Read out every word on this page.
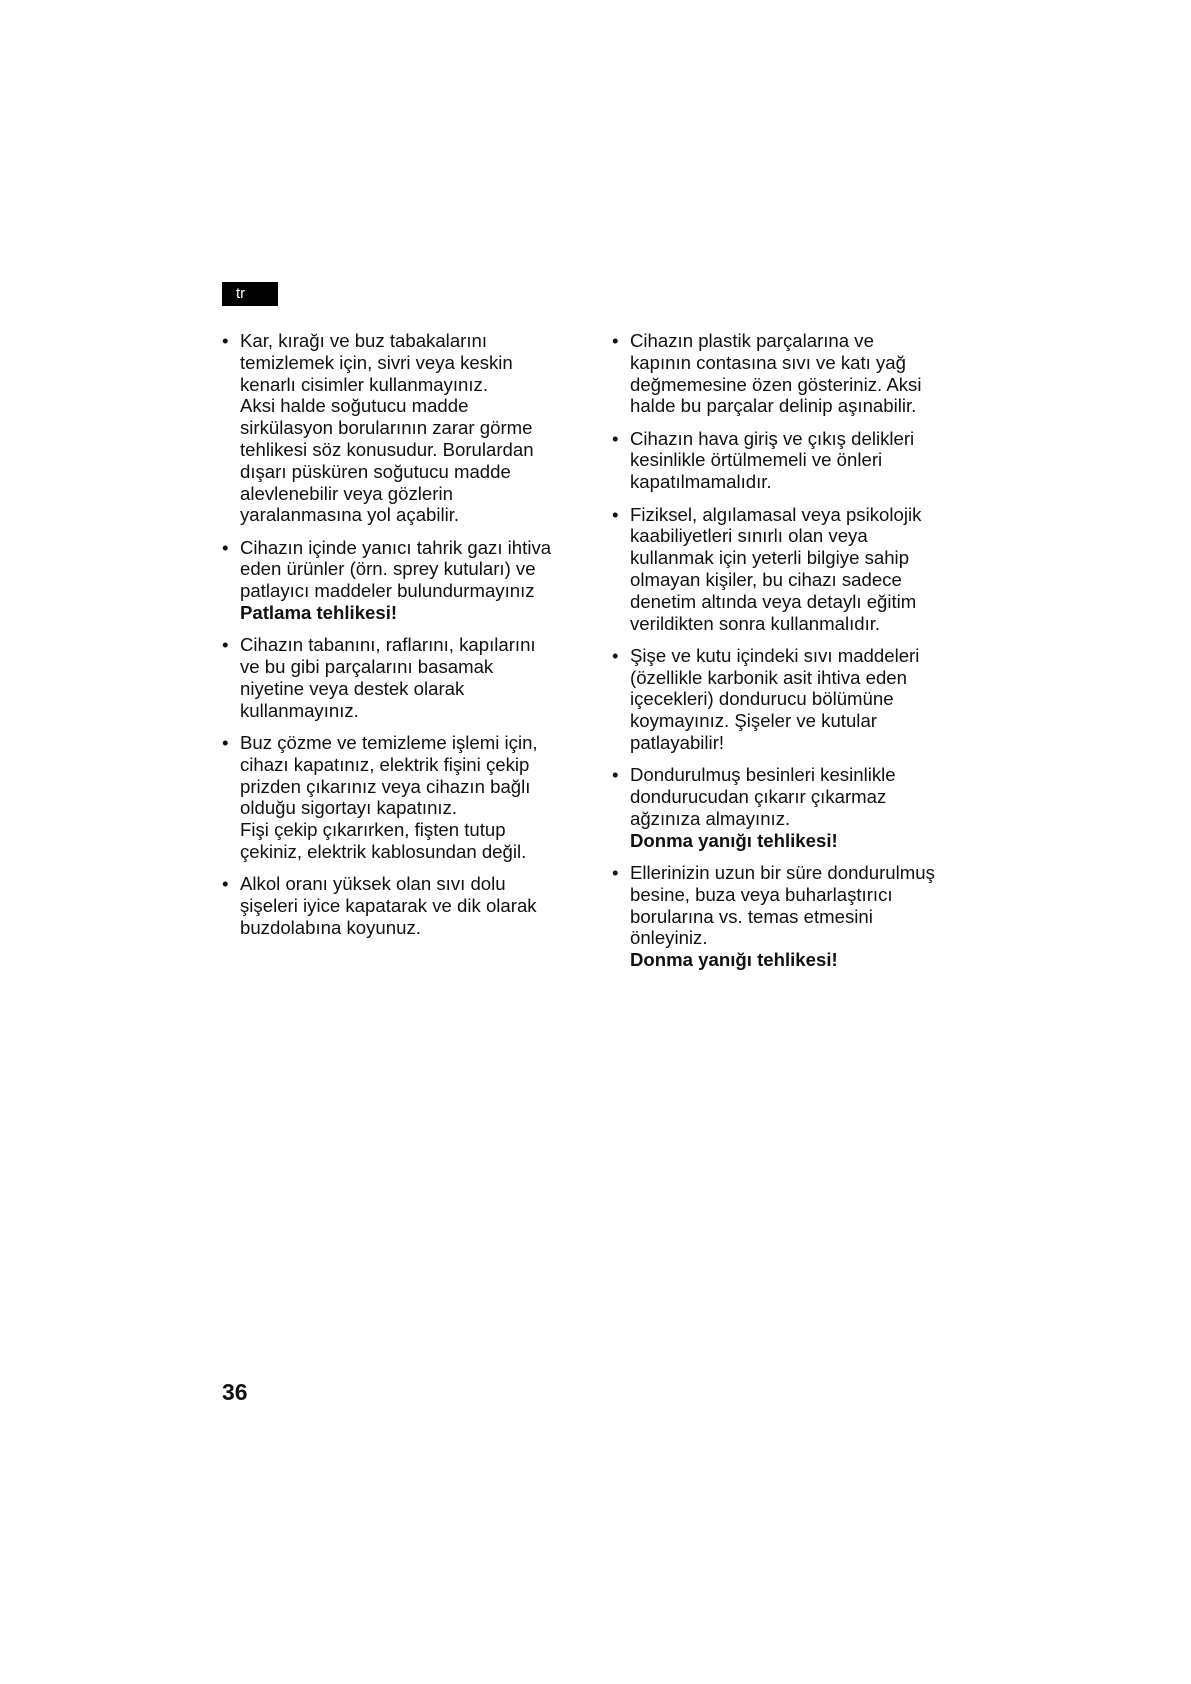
tr
• Kar, kırağı ve buz tabakalarını
temizlemek için, sivri veya keskin
kenarlı cisimler kullanmayınız.
Aksi halde soğutucu madde
sirkülasyon borularının zarar görme
tehlikesi söz konusudur. Borulardan
dışarı püsküren soğutucu madde
alevlenebilir veya gözlerin
yaralanmasına yol açabilir.
• Cihazın içinde yanıcı tahrik gazı ihtiva
eden ürünler (örn. sprey kutuları) ve
patlayıcı maddeler bulundurmayınız
Patlama tehlikesi!
• Cihazın tabanını, raflarını, kapılarını
ve bu gibi parçalarını basamak
niyetine veya destek olarak
kullanmayınız.
• Buz çözme ve temizleme işlemi için,
cihazı kapatınız, elektrik fişini çekip
prizden çıkarınız veya cihazın bağlı
olduğu sigortayı kapatınız.
Fişi çekip çıkarırken, fişten tutup
çekiniz, elektrik kablosundan değil.
• Alkol oranı yüksek olan sıvı dolu
şişeleri iyice kapatarak ve dik olarak
buzdolabına koyunuz.
• Cihazın plastik parçalarına ve
kapının contasına sıvı ve katı yağ
değmemesine özen gösteriniz. Aksi
halde bu parçalar delinip aşınabilir.
• Cihazın hava giriş ve çıkış delikleri
kesinlikle örtülmemeli ve önleri
kapatılmamalıdır.
• Fiziksel, algılamasal veya psikolojik
kaabiliyetleri sınırlı olan veya
kullanmak için yeterli bilgiye sahip
olmayan kişiler, bu cihazı sadece
denetim altında veya detaylı eğitim
verildikten sonra kullanmalıdır.
• Şişe ve kutu içindeki sıvı maddeleri
(özellikle karbonik asit ihtiva eden
içecekleri) dondurucu bölümüne
koymayınız. Şişeler ve kutular
patlayabilir!
• Dondurulmuş besinleri kesinlikle
dondurucudan çıkarır çıkarmaz
ağzınıza almayınız.
Donma yanığı tehlikesi!
• Ellerinizin uzun bir süre dondurulmuş
besine, buza veya buharlaştırıcı
borularına vs. temas etmesini
önleyiniz.
Donma yanığı tehlikesi!
36
